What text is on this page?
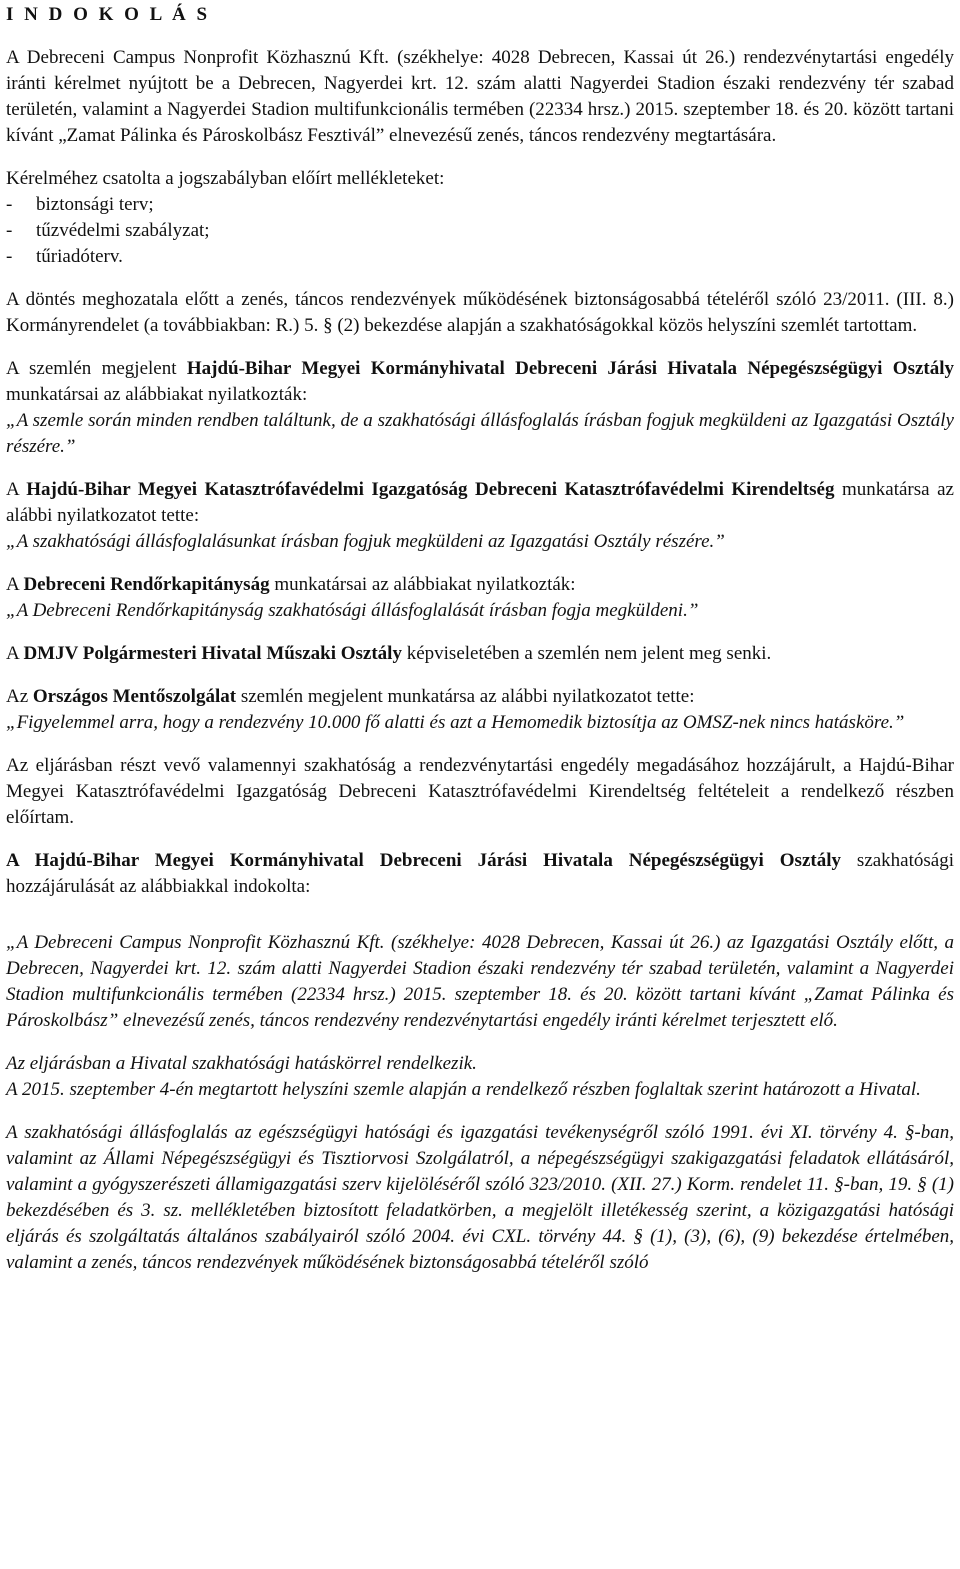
I N D O K O L Á S

A Debreceni Campus Nonprofit Közhasznú Kft. (székhelye: 4028 Debrecen, Kassai út 26.) rendezvénytartási engedély iránti kérelmet nyújtott be a Debrecen, Nagyerdei krt. 12. szám alatti Nagyerdei Stadion északi rendezvény tér szabad területén, valamint a Nagyerdei Stadion multifunkcionális termében (22334 hrsz.) 2015. szeptember 18. és 20. között tartani kívánt „Zamat Pálinka és Pároskolbász Fesztivál” elnevezésű zenés, táncos rendezvény megtartására.

Kérelméhez csatolta a jogszabályban előírt mellékleteket:

-	biztonsági terv;
-	tűzvédelmi szabályzat;
-	tűriadóterv.

A döntés meghozatala előtt a zenés, táncos rendezvények működésének biztonságosabbá tételéről szóló 23/2011. (III. 8.) Kormányrendelet (a továbbiakban: R.) 5. § (2) bekezdése alapján a szakhatóságokkal közös helyszíni szemlét tartottam.

A szemlén megjelent Hajdú-Bihar Megyei Kormányhivatal Debreceni Járási Hivatala Népegészségügyi Osztály munkatársai az alábbiakat nyilatkozták:

„A szemle során minden rendben találtunk, de a szakhatósági állásfoglalás írásban fogjuk megküldeni az Igazgatási Osztály részére.”

A Hajdú-Bihar Megyei Katasztrófavédelmi Igazgatóság Debreceni Katasztrófavédelmi Kirendeltség munkatársa az alábbi nyilatkozatot tette:

„A szakhatósági állásfoglalásunkat írásban fogjuk megküldeni az Igazgatási Osztály részére.”

A Debreceni Rendőrkapitányság munkatársai az alábbiakat nyilatkozták:

„A Debreceni Rendőrkapitányság szakhatósági állásfoglalását írásban fogja megküldeni.”

A DMJV Polgármesteri Hivatal Műszaki Osztály képviseletében a szemlén nem jelent meg senki.

Az Országos Mentőszolgálat szemlén megjelent munkatársa az alábbi nyilatkozatot tette:

„Figyelemmel arra, hogy a rendezvény 10.000 fő alatti és azt a Hemomedik biztosítja az OMSZ-nek nincs hatásköre.”

Az eljárásban részt vevő valamennyi szakhatóság a rendezvénytartási engedély megadásához hozzájárult, a Hajdú-Bihar Megyei Katasztrófavédelmi Igazgatóság Debreceni Katasztrófavédelmi Kirendeltség feltételeit a rendelkező részben előírtam.

A Hajdú-Bihar Megyei Kormányhivatal Debreceni Járási Hivatala Népegészségügyi Osztály szakhatósági hozzájárulását az alábbiakkal indokolta:

„A Debreceni Campus Nonprofit Közhasznú Kft. (székhelye: 4028 Debrecen, Kassai út 26.) az Igazgatási Osztály előtt, a Debrecen, Nagyerdei krt. 12. szám alatti Nagyerdei Stadion északi rendezvény tér szabad területén, valamint a Nagyerdei Stadion multifunkcionális termében (22334 hrsz.) 2015. szeptember 18. és 20. között tartani kívánt „Zamat Pálinka és Pároskolbász” elnevezésű zenés, táncos rendezvény rendezvénytartási engedély iránti kérelmet terjesztett elő.

Az eljárásban a Hivatal szakhatósági hatáskörrel rendelkezik.

A 2015. szeptember 4-én megtartott helyszíni szemle alapján a rendelkező részben foglaltak szerint határozott a Hivatal.

A szakhatósági állásfoglalás az egészségügyi hatósági és igazgatási tevékenységről szóló 1991. évi XI. törvény 4. §-ban, valamint az Állami Népegészségügyi és Tisztiorvosi Szolgálatról, a népegészségügyi szakigazgatási feladatok ellátásáról, valamint a gyógyszerészeti államigazgatási szerv kijelöléséről szóló 323/2010. (XII. 27.) Korm. rendelet 11. §-ban, 19. § (1) bekezdésében és 3. sz. mellékletében biztosított feladatkörben, a megjelölt illetékesség szerint, a közigazgatási hatósági eljárás és szolgáltatás általános szabályairól szóló 2004. évi CXL. törvény 44. § (1), (3), (6), (9) bekezdése értelmében, valamint a zenés, táncos rendezvények működésének biztonságosabbá tételéről szóló
